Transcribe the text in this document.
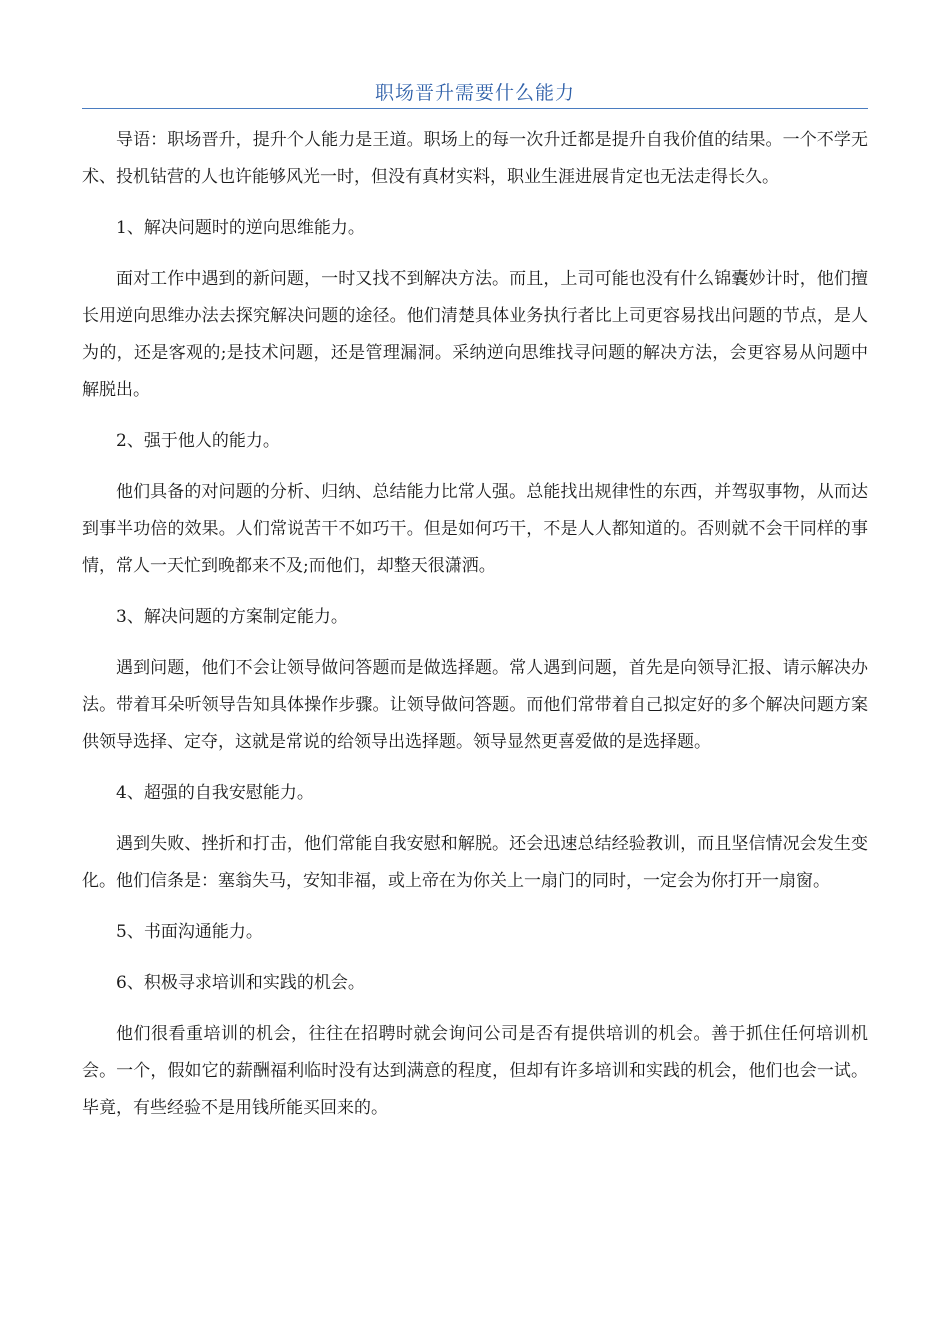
职场晋升需要什么能力

导语：职场晋升，提升个人能力是王道。职场上的每一次升迁都是提升自我价值的结果。一个不学无术、投机钻营的人也许能够风光一时，但没有真材实料，职业生涯进展肯定也无法走得长久。

1、解决问题时的逆向思维能力。

面对工作中遇到的新问题，一时又找不到解决方法。而且，上司可能也没有什么锦囊妙计时，他们擅长用逆向思维办法去探究解决问题的途径。他们清楚具体业务执行者比上司更容易找出问题的节点，是人为的，还是客观的;是技术问题，还是管理漏洞。采纳逆向思维找寻问题的解决方法，会更容易从问题中解脱出。

2、强于他人的能力。

他们具备的对问题的分析、归纳、总结能力比常人强。总能找出规律性的东西，并驾驭事物，从而达到事半功倍的效果。人们常说苦干不如巧干。但是如何巧干，不是人人都知道的。否则就不会干同样的事情，常人一天忙到晚都来不及;而他们，却整天很潇洒。

3、解决问题的方案制定能力。

遇到问题，他们不会让领导做问答题而是做选择题。常人遇到问题，首先是向领导汇报、请示解决办法。带着耳朵听领导告知具体操作步骤。让领导做问答题。而他们常带着自己拟定好的多个解决问题方案供领导选择、定夺，这就是常说的给领导出选择题。领导显然更喜爱做的是选择题。

4、超强的自我安慰能力。

遇到失败、挫折和打击，他们常能自我安慰和解脱。还会迅速总结经验教训，而且坚信情况会发生变化。他们信条是：塞翁失马，安知非福，或上帝在为你关上一扇门的同时，一定会为你打开一扇窗。

5、书面沟通能力。

6、积极寻求培训和实践的机会。

他们很看重培训的机会，往往在招聘时就会询问公司是否有提供培训的机会。善于抓住任何培训机会。一个，假如它的薪酬福利临时没有达到满意的程度，但却有许多培训和实践的机会，他们也会一试。毕竟，有些经验不是用钱所能买回来的。
